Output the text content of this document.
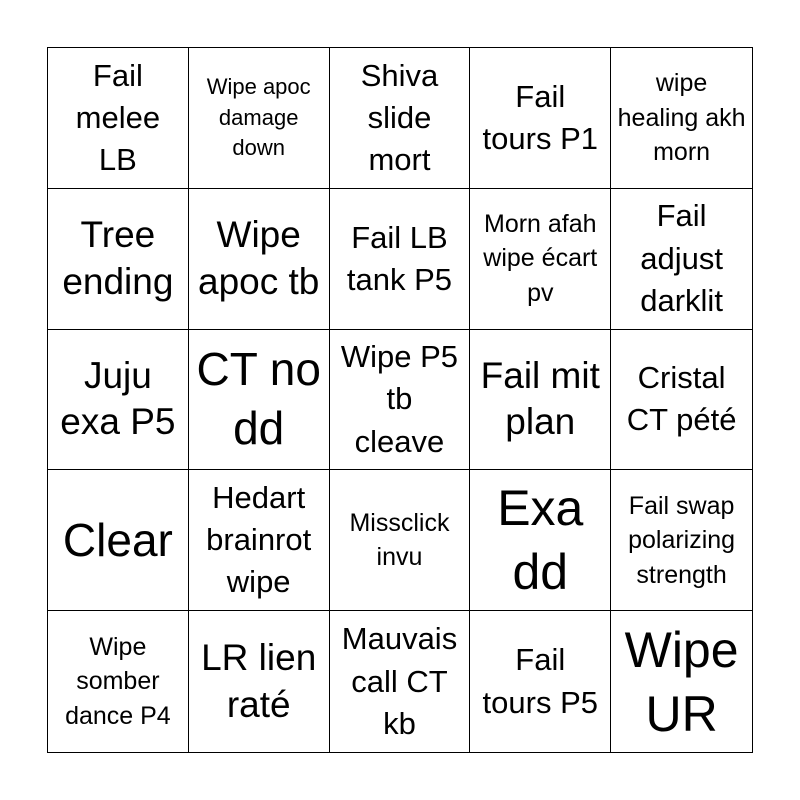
Fail melee LB
Wipe apoc damage down
Shiva slide mort
Fail tours P1
wipe healing akh morn
Tree ending
Wipe apoc tb
Fail LB tank P5
Morn afah wipe écart pv
Fail adjust darklit
Juju exa P5
CT no dd
Wipe P5 tb cleave
Fail mit plan
Cristal CT pété
Clear
Hedart brainrot wipe
Missclick invu
Exa dd
Fail swap polarizing strength
Wipe somber dance P4
LR lien raté
Mauvais call CT kb
Fail tours P5
Wipe UR
